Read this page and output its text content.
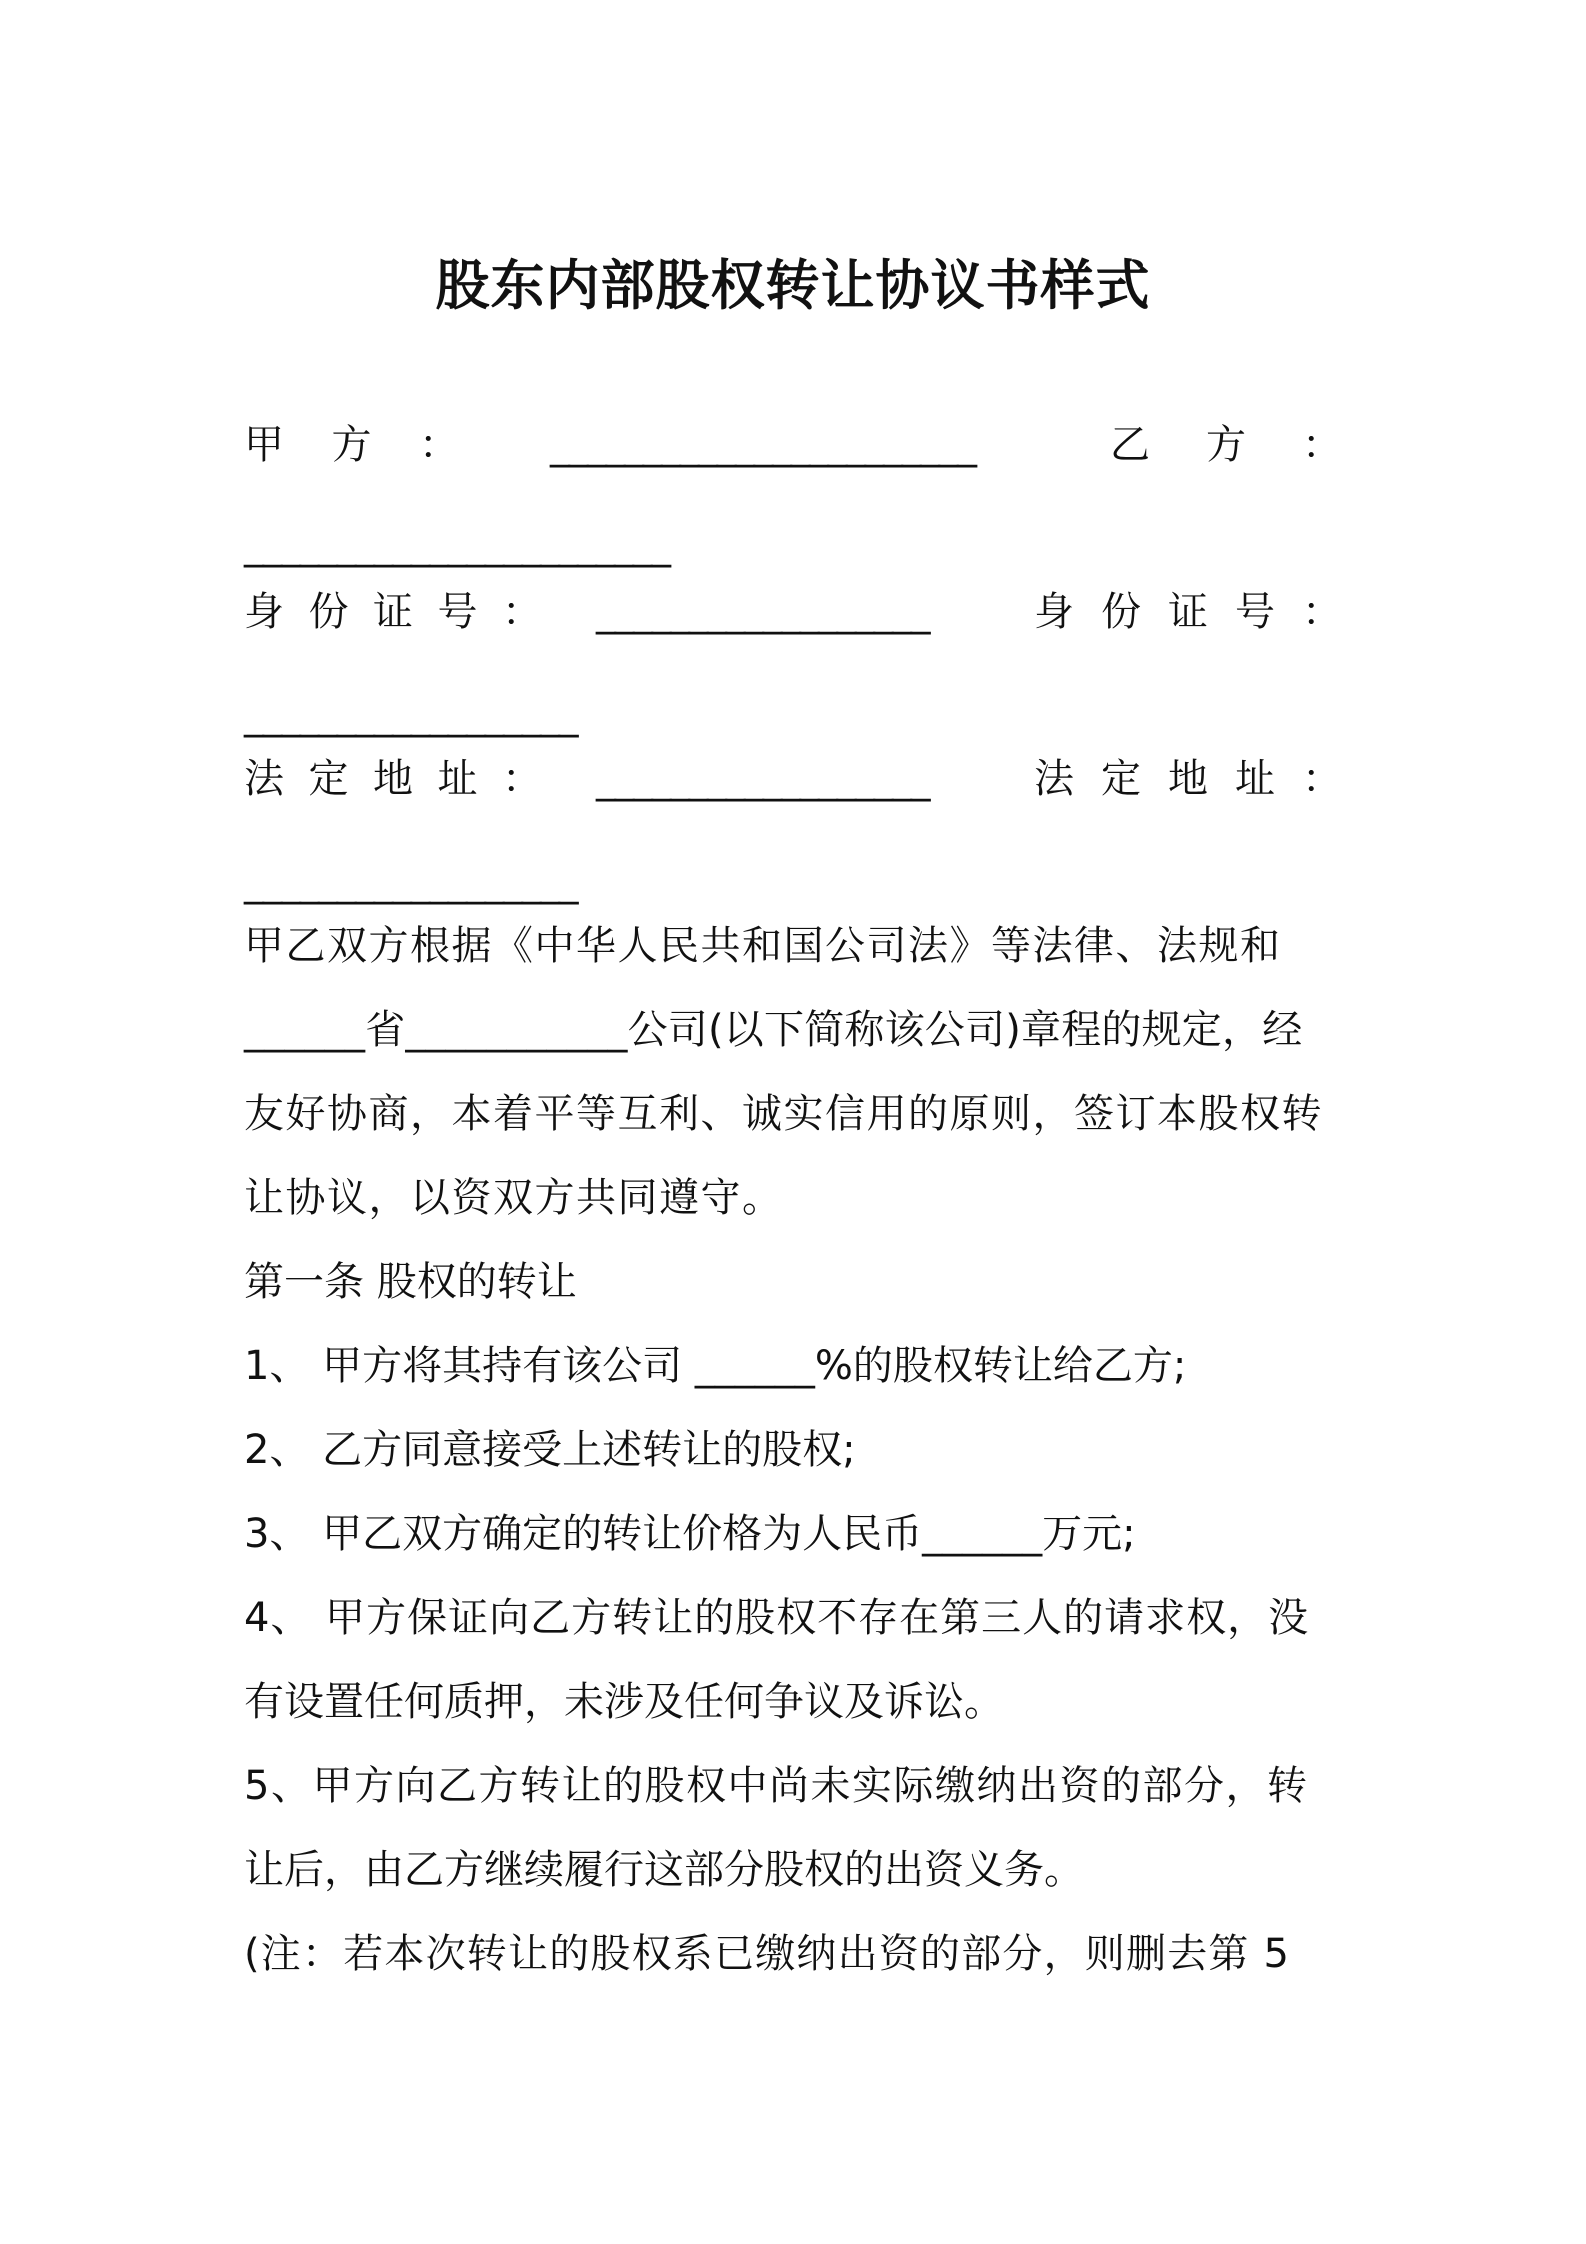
股东内部股权转让协议书样式
甲 方 ： _______________________	乙 方 ：
_______________________
身 份 证 号 ： __________________	身 份 证 号 ：
__________________
法 定 地 址 ： __________________	法 定 地 址 ：
__________________
甲乙双方根据《中华人民共和国公司法》等法律、法规和
______省___________公司(以下简称该公司)章程的规定，经
友好协商，本着平等互利、诚实信用的原则，签订本股权转
让协议，以资双方共同遵守。
第一条 股权的转让
1、 甲方将其持有该公司 ______%的股权转让给乙方;
2、 乙方同意接受上述转让的股权;
3、 甲乙双方确定的转让价格为人民币______万元;
4、 甲方保证向乙方转让的股权不存在第三人的请求权，没
有设置任何质押，未涉及任何争议及诉讼。
5、甲方向乙方转让的股权中尚未实际缴纳出资的部分，转
让后，由乙方继续履行这部分股权的出资义务。
(注：若本次转让的股权系已缴纳出资的部分，则删去第 5
